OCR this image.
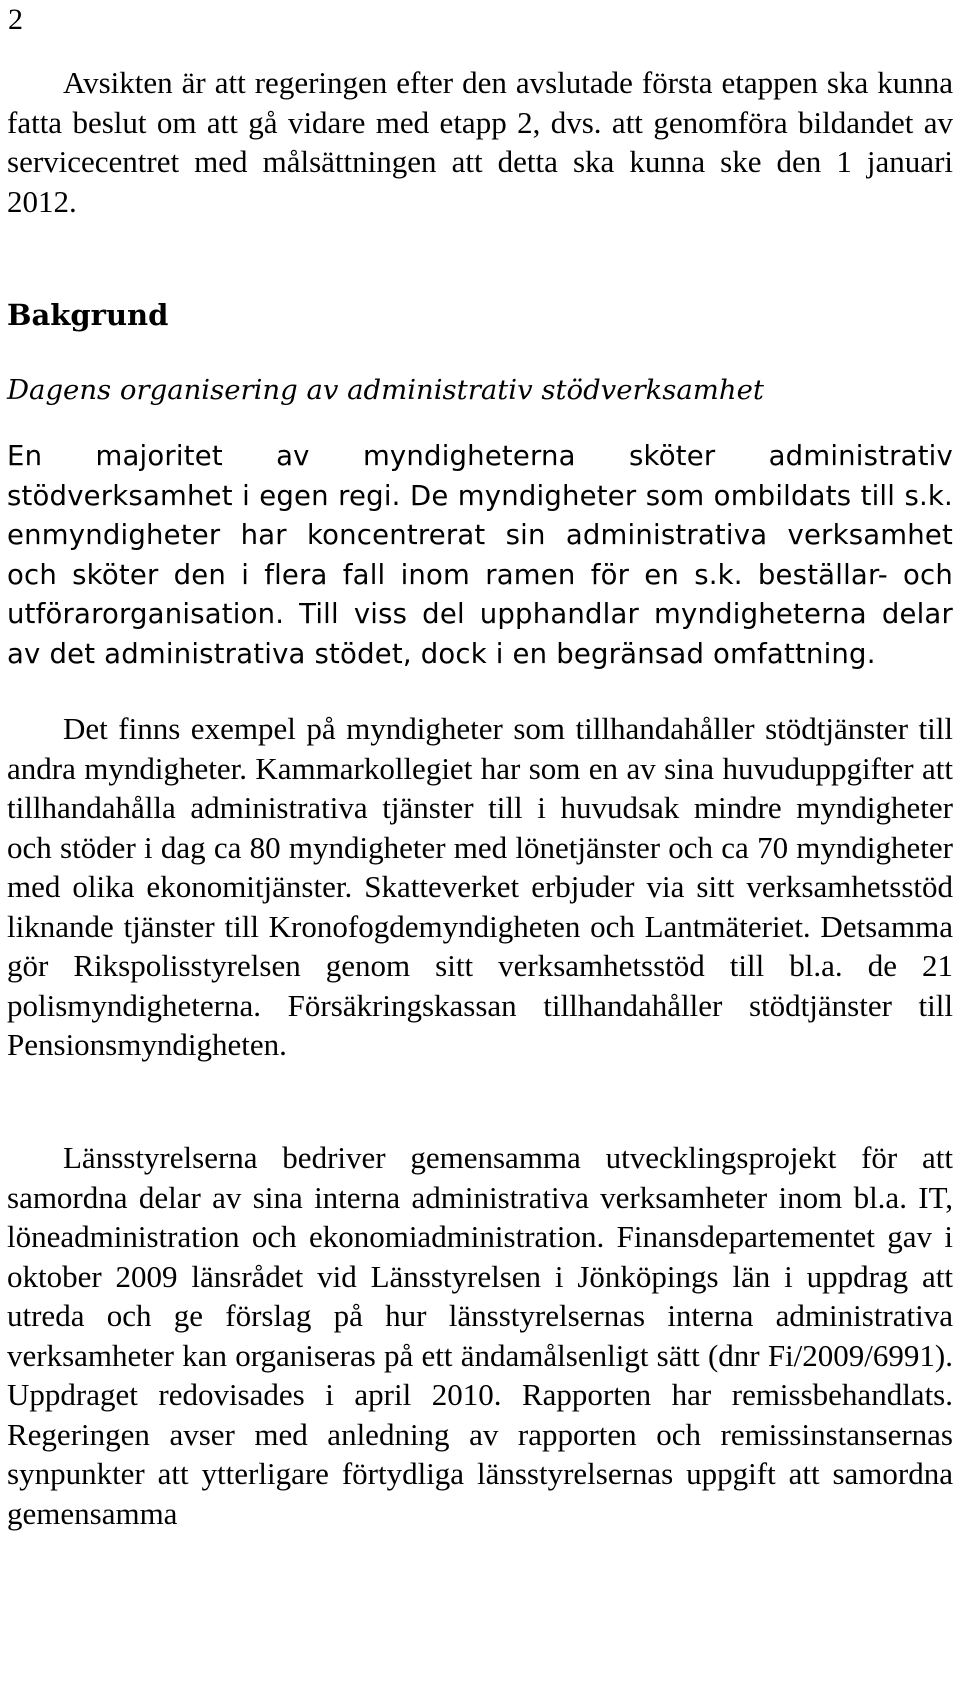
2

Avsikten är att regeringen efter den avslutade första etappen ska kunna fatta beslut om att gå vidare med etapp 2, dvs. att genomföra bildandet av servicecentret med målsättningen att detta ska kunna ske den 1 januari 2012.

Bakgrund
Dagens organisering av administrativ stödverksamhet

En majoritet av myndigheterna sköter administrativ stödverksamhet i egen regi. De myndigheter som ombildats till s.k. enmyndigheter har koncentrerat sin administrativa verksamhet och sköter den i flera fall inom ramen för en s.k. beställar- och utförarorganisation. Till viss del upphandlar myndigheterna delar av det administrativa stödet, dock i en begränsad omfattning.

Det finns exempel på myndigheter som tillhandahåller stödtjänster till andra myndigheter. Kammarkollegiet har som en av sina huvuduppgifter att tillhandahålla administrativa tjänster till i huvudsak mindre myndigheter och stöder i dag ca 80 myndigheter med lönetjänster och ca 70 myndigheter med olika ekonomitjänster. Skatteverket erbjuder via sitt verksamhetsstöd liknande tjänster till Kronofogdemyndigheten och Lantmäteriet. Detsamma gör Rikspolisstyrelsen genom sitt verksamhetsstöd till bl.a. de 21 polismyndigheterna. Försäkringskassan tillhandahåller stödtjänster till Pensionsmyndigheten.

Länsstyrelserna bedriver gemensamma utvecklingsprojekt för att samordna delar av sina interna administrativa verksamheter inom bl.a. IT, löneadministration och ekonomiadministration. Finansdepartementet gav i oktober 2009 länsrådet vid Länsstyrelsen i Jönköpings län i uppdrag att utreda och ge förslag på hur länsstyrelsernas interna administrativa verksamheter kan organiseras på ett ändamålsenligt sätt (dnr Fi/2009/6991). Uppdraget redovisades i april 2010. Rapporten har remissbehandlats. Regeringen avser med anledning av rapporten och remissinstansernas synpunkter att ytterligare förtydliga länsstyrelsernas uppgift att samordna gemensamma
